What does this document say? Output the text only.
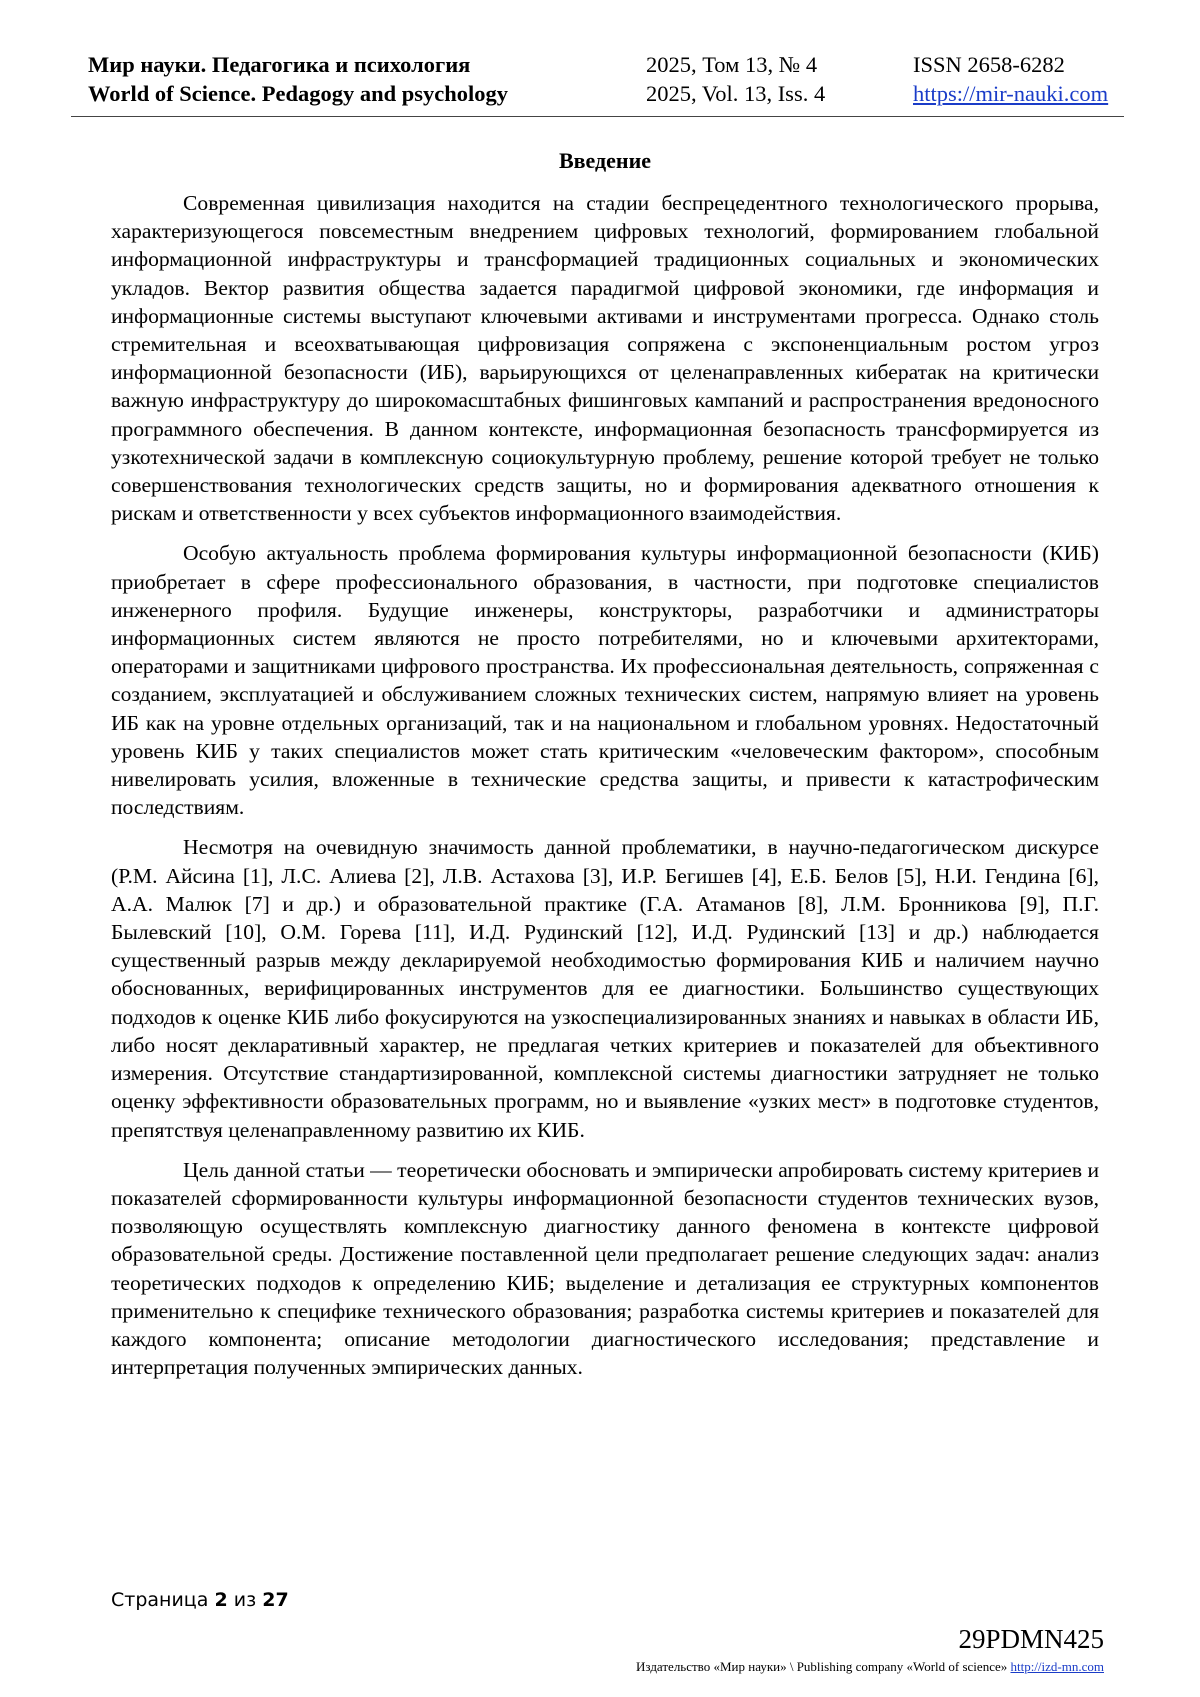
Мир науки. Педагогика и психология
World of Science. Pedagogy and psychology
2025, Том 13, № 4
2025, Vol. 13, Iss. 4
ISSN 2658-6282
https://mir-nauki.com
Введение

Современная цивилизация находится на стадии беспрецедентного технологического прорыва, характеризующегося повсеместным внедрением цифровых технологий, формированием глобальной информационной инфраструктуры и трансформацией традиционных социальных и экономических укладов. Вектор развития общества задается парадигмой цифровой экономики, где информация и информационные системы выступают ключевыми активами и инструментами прогресса. Однако столь стремительная и всеохватывающая цифровизация сопряжена с экспоненциальным ростом угроз информационной безопасности (ИБ), варьирующихся от целенаправленных кибератак на критически важную инфраструктуру до широкомасштабных фишинговых кампаний и распространения вредоносного программного обеспечения. В данном контексте, информационная безопасность трансформируется из узкотехнической задачи в комплексную социокультурную проблему, решение которой требует не только совершенствования технологических средств защиты, но и формирования адекватного отношения к рискам и ответственности у всех субъектов информационного взаимодействия.

Особую актуальность проблема формирования культуры информационной безопасности (КИБ) приобретает в сфере профессионального образования, в частности, при подготовке специалистов инженерного профиля. Будущие инженеры, конструкторы, разработчики и администраторы информационных систем являются не просто потребителями, но и ключевыми архитекторами, операторами и защитниками цифрового пространства. Их профессиональная деятельность, сопряженная с созданием, эксплуатацией и обслуживанием сложных технических систем, напрямую влияет на уровень ИБ как на уровне отдельных организаций, так и на национальном и глобальном уровнях. Недостаточный уровень КИБ у таких специалистов может стать критическим «человеческим фактором», способным нивелировать усилия, вложенные в технические средства защиты, и привести к катастрофическим последствиям.

Несмотря на очевидную значимость данной проблематики, в научно-педагогическом дискурсе (Р.М. Айсина [1], Л.С. Алиева [2], Л.В. Астахова [3], И.Р. Бегишев [4], Е.Б. Белов [5], Н.И. Гендина [6], А.А. Малюк [7] и др.) и образовательной практике (Г.А. Атаманов [8], Л.М. Бронникова [9], П.Г. Былевский [10], О.М. Горева [11], И.Д. Рудинский [12], И.Д. Рудинский [13] и др.) наблюдается существенный разрыв между декларируемой необходимостью формирования КИБ и наличием научно обоснованных, верифицированных инструментов для ее диагностики. Большинство существующих подходов к оценке КИБ либо фокусируются на узкоспециализированных знаниях и навыках в области ИБ, либо носят декларативный характер, не предлагая четких критериев и показателей для объективного измерения. Отсутствие стандартизированной, комплексной системы диагностики затрудняет не только оценку эффективности образовательных программ, но и выявление «узких мест» в подготовке студентов, препятствуя целенаправленному развитию их КИБ.

Цель данной статьи — теоретически обосновать и эмпирически апробировать систему критериев и показателей сформированности культуры информационной безопасности студентов технических вузов, позволяющую осуществлять комплексную диагностику данного феномена в контексте цифровой образовательной среды. Достижение поставленной цели предполагает решение следующих задач: анализ теоретических подходов к определению КИБ; выделение и детализация ее структурных компонентов применительно к специфике технического образования; разработка системы критериев и показателей для каждого компонента; описание методологии диагностического исследования; представление и интерпретация полученных эмпирических данных.

Страница 2 из 27
29PDMN425
Издательство «Мир науки» \ Publishing company «World of science» http://izd-mn.com
